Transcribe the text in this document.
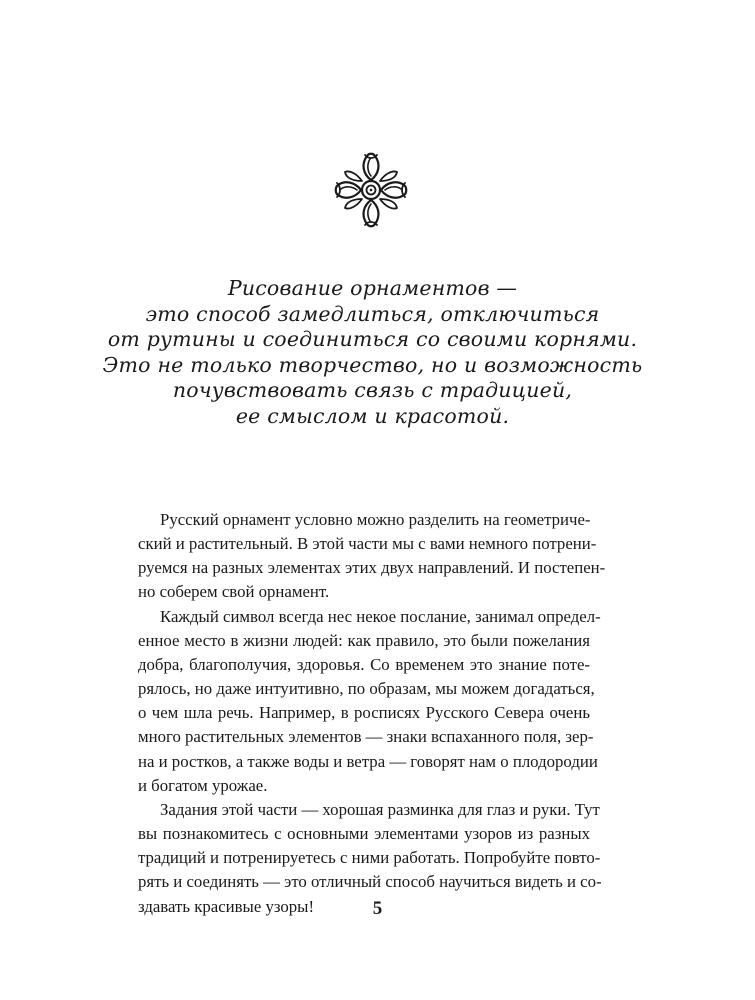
Рисование орнаментов —
это способ замедлиться, отключиться
от рутины и соединиться со своими корнями.
Это не только творчество, но и возможность
почувствовать связь с традицией,
ее смыслом и красотой.
Русский орнамент условно можно разделить на геометриче-
ский и растительный. В этой части мы с вами немного потрени-
руемся на разных элементах этих двух направлений. И постепен-
но соберем свой орнамент.
Каждый символ всегда нес некое послание, занимал определ-
енное место в жизни людей: как правило, это были пожелания
добра, благополучия, здоровья. Со временем это знание поте-
рялось, но даже интуитивно, по образам, мы можем догадаться,
о чем шла речь. Например, в росписях Русского Севера очень
много растительных элементов — знаки вспаханного поля, зер-
на и ростков, а также воды и ветра — говорят нам о плодородии
и богатом урожае.
Задания этой части — хорошая разминка для глаз и руки. Тут
вы познакомитесь с основными элементами узоров из разных
традиций и потренируетесь с ними работать. Попробуйте повто-
рять и соединять — это отличный способ научиться видеть и со-
здавать красивые узоры!	5
